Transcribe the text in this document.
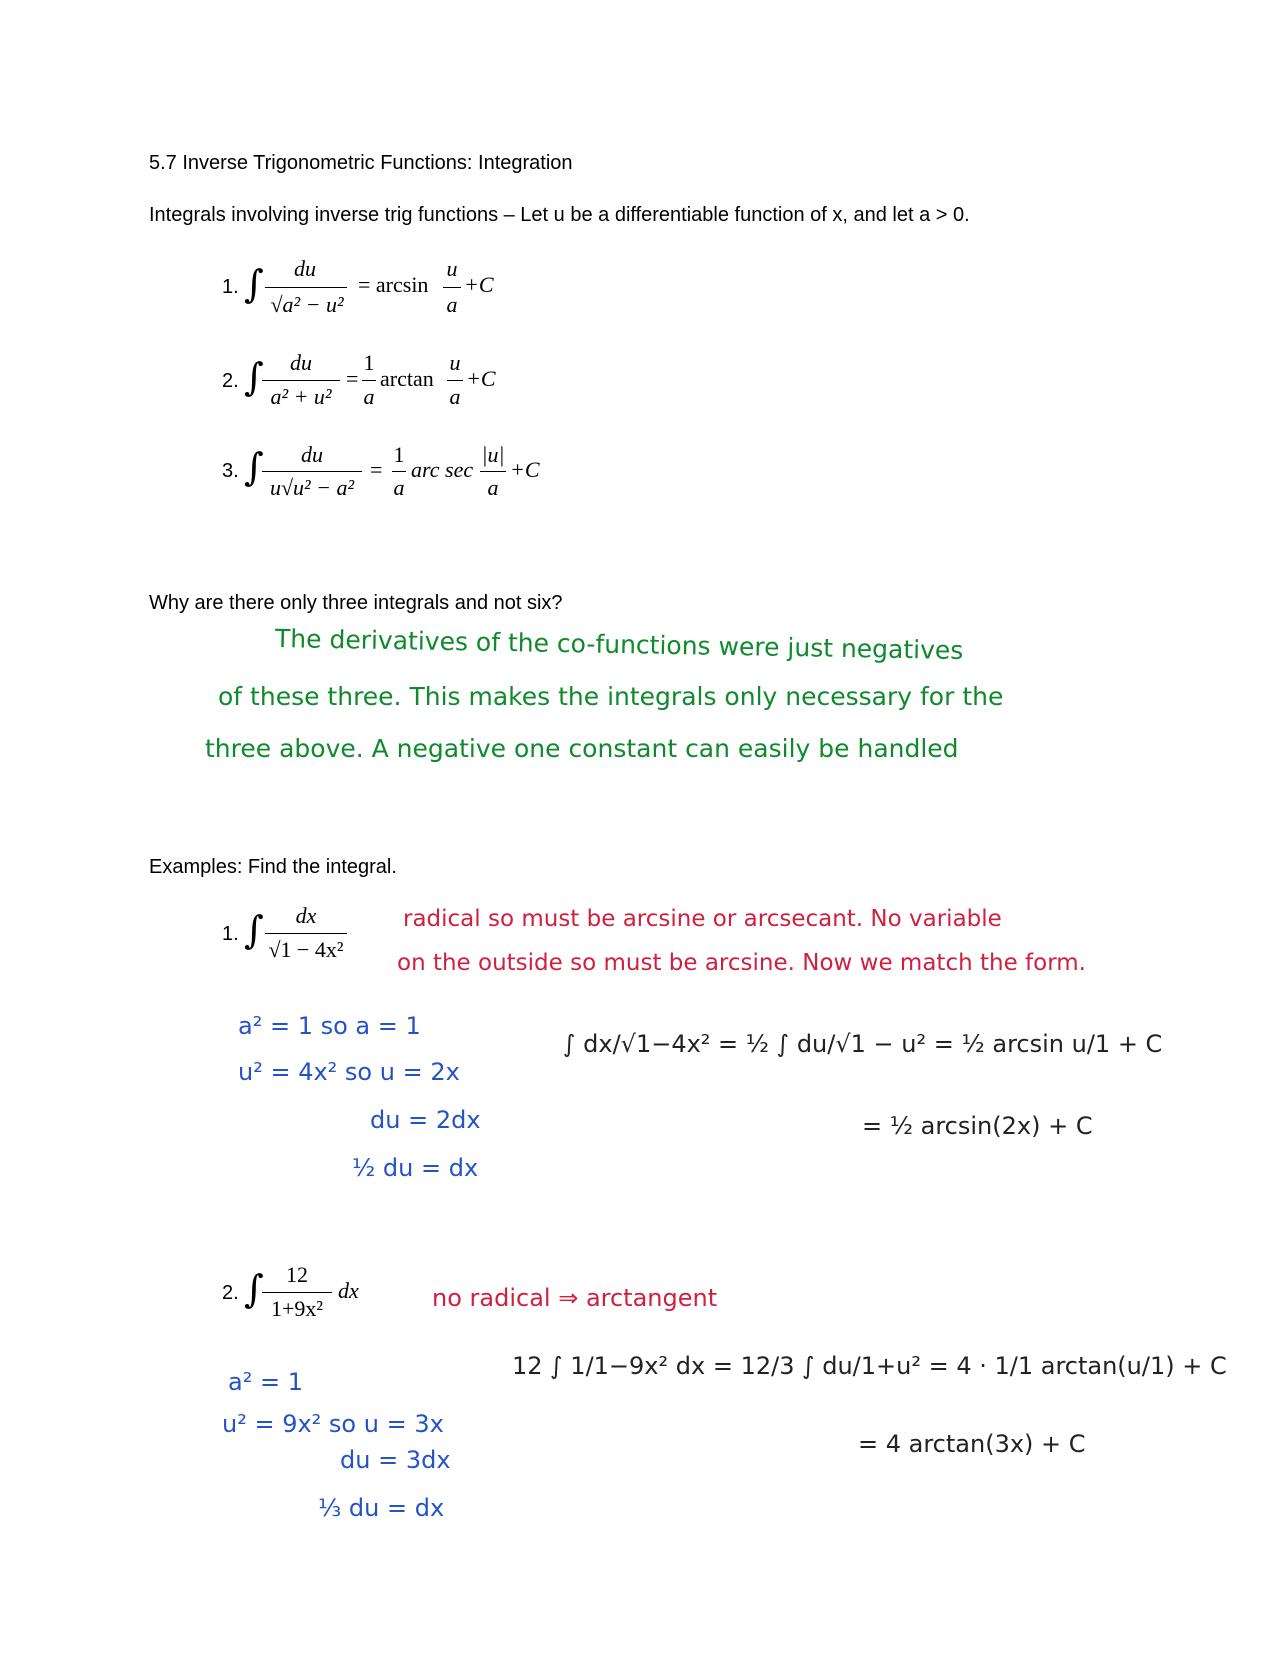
5.7 Inverse Trigonometric Functions: Integration
Integrals involving inverse trig functions – Let u be a differentiable function of x, and let a > 0.
1. ∫	du
√a² − u²
= arcsin
u
a
+C
2. ∫	du
a² + u²
=
1
a
arctan
u
a
+C
3. ∫	du
u√u² − a²
=
1
a
arc sec
|u|
a
+C
Why are there only three integrals and not six?
The derivatives of the co-functions were just negatives
of these three. This makes the integrals only necessary for the
three above. A negative one constant can easily be handled
Examples: Find the integral.
1. ∫	dx
√1 − 4x²
radical so must be arcsine or arcsecant. No variable
on the outside so must be arcsine. Now we match the form.
a² = 1 so a = 1
u² = 4x² so u = 2x
du = 2dx
½ du = dx
∫ dx/√1−4x² = ½ ∫ du/√1 − u² = ½ arcsin u/1 + C
= ½ arcsin(2x) + C
2. ∫	12
1+9x²
dx	no radical ⇒ arctangent
a² = 1
u² = 9x² so u = 3x
du = 3dx
⅓ du = dx
12 ∫ 1/1−9x² dx = 12/3 ∫ du/1+u² = 4 · 1/1 arctan(u/1) + C
= 4 arctan(3x) + C
